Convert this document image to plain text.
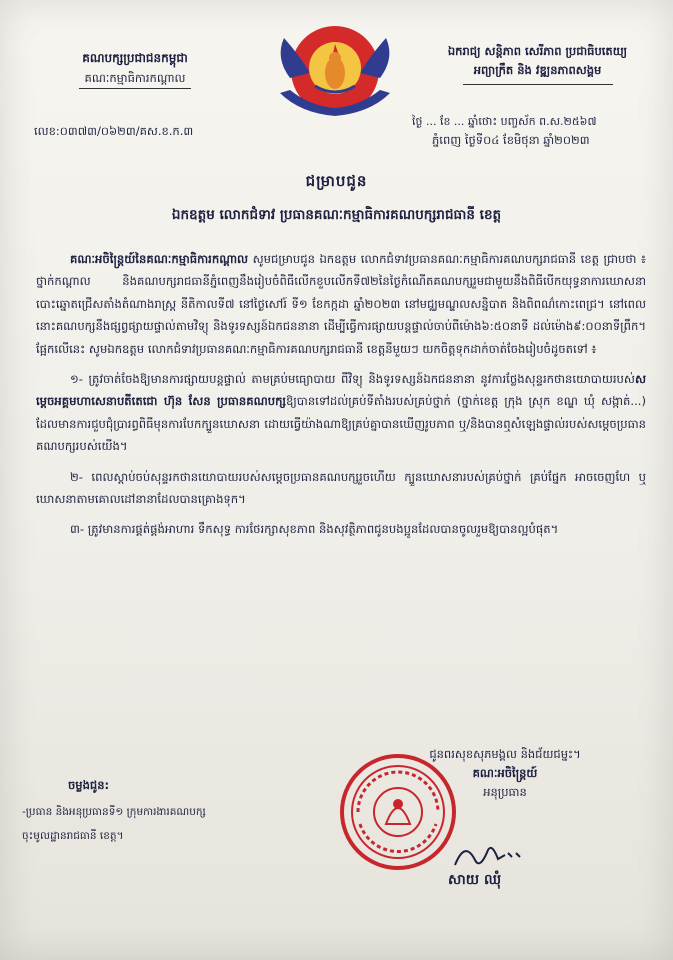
គណបក្សប្រជាជនកម្ពុជា
គណៈកម្មាធិការកណ្តាល
ឯករាជ្យ សន្តិភាព សេរីភាព ប្រជាធិបតេយ្យ
អព្យាក្រឹត និង វឌ្ឍនភាពសង្គម
លេខ:០៣៧៣/០៦២៣/គស.ខ.ក.៣
ថ្ងៃ ... ខែ ... ឆ្នាំថោះ បញ្ចស័ក ព.ស.២៥៦៧
ភ្នំពេញ ថ្ងៃទី០៤ ខែមិថុនា ឆ្នាំ២០២៣
ជម្រាបជូន
ឯកឧត្តម លោកជំទាវ ប្រធានគណៈកម្មាធិការគណបក្សរាជធានី ខេត្ត

គណៈអចិន្ត្រៃយ៍នៃគណៈកម្មាធិការកណ្តាល សូមជម្រាបជូន ឯកឧត្តម លោកជំទាវប្រធានគណៈកម្មាធិការគណបក្សរាជធានី ខេត្ត ជ្រាបថា ៖ ថ្នាក់កណ្តាល និងគណបក្សរាជធានីភ្នំពេញនឹងរៀបចំពិធីលើកខួបលើកទី៧២នៃថ្ងៃកំណើតគណបក្សរួមជាមួយនឹងពិធីបើកយុទ្ធនាការឃោសនាបោះឆ្នោតជ្រើសតាំងតំណាងរាស្ត្រ នីតិកាលទី៧ នៅថ្ងៃសៅរ៍ ទី១ ខែកក្កដា ឆ្នាំ២០២៣ នៅមជ្ឈមណ្ឌលសន្និបាត និងពិពណ៌កោះពេជ្រ។ នៅពេលនោះគណបក្សនឹងផ្សព្វផ្សាយផ្ទាល់តាមវិទ្យុ និងទូរទស្សន៍ឯកជននានា ដើម្បីធ្វើការផ្សាយបន្តផ្ទាល់ចាប់ពីម៉ោង៦:៥០នាទី ដល់ម៉ោង៩:០០នាទីព្រឹក។ ផ្អែកលើនេះ សូមឯកឧត្តម លោកជំទាវប្រធានគណៈកម្មាធិការគណបក្សរាជធានី ខេត្តនីមួយៗ យកចិត្តទុកដាក់ចាត់ចែងរៀបចំដូចតទៅ ៖

១- ត្រូវចាត់ចែងឱ្យមានការផ្សាយបន្តផ្ទាល់ តាមគ្រប់មធ្យោបាយ ពីវិទ្យុ និងទូរទស្សន៍ឯកជននានា នូវការថ្លែងសុន្ទរកថានយោបាយរបស់សម្តេចអគ្គមហាសេនាបតីតេជោ ហ៊ុន សែន ប្រធានគណបក្សឱ្យបានទៅដល់គ្រប់ទីតាំងរបស់គ្រប់ថ្នាក់ (ថ្នាក់ខេត្ត ក្រុង ស្រុក ខណ្ឌ ឃុំ សង្កាត់...) ដែលមានការជួបជុំប្រារព្ធពិធីមុនការបែកក្បួនឃោសនា ដោយធ្វើយ៉ាងណាឱ្យគ្រប់គ្នាបានឃើញរូបភាព ឬ/និងបានឮសំឡេងផ្ទាល់របស់សម្តេចប្រធានគណបក្សរបស់យើង។

២- ពេលស្តាប់ចប់សុន្ទរកថានយោបាយរបស់សម្តេចប្រធានគណបក្សរួចហើយ ក្បួនឃោសនារបស់គ្រប់ថ្នាក់ គ្រប់ផ្នែក អាចចេញហែ ឬឃោសនាតាមគោលដៅនានាដែលបានគ្រោងទុក។

៣- ត្រូវមានការផ្គត់ផ្គង់អាហារ ទឹកសុទ្ធ ការថែរក្សាសុខភាព និងសុវត្ថិភាពជូនបងប្អូនដែលបានចូលរួមឱ្យបានល្អបំផុត។

ជូនពរសុខសុភមង្គល និងជ័យជម្នះ។
គណៈអចិន្ត្រៃយ៍
អនុប្រធាន
សាយ ឈុំ
ចម្លងជូន:
-ប្រធាន និងអនុប្រធានទី១ ក្រុមការងារគណបក្ស
ចុះមូលដ្ឋានរាជធានី ខេត្ត។
